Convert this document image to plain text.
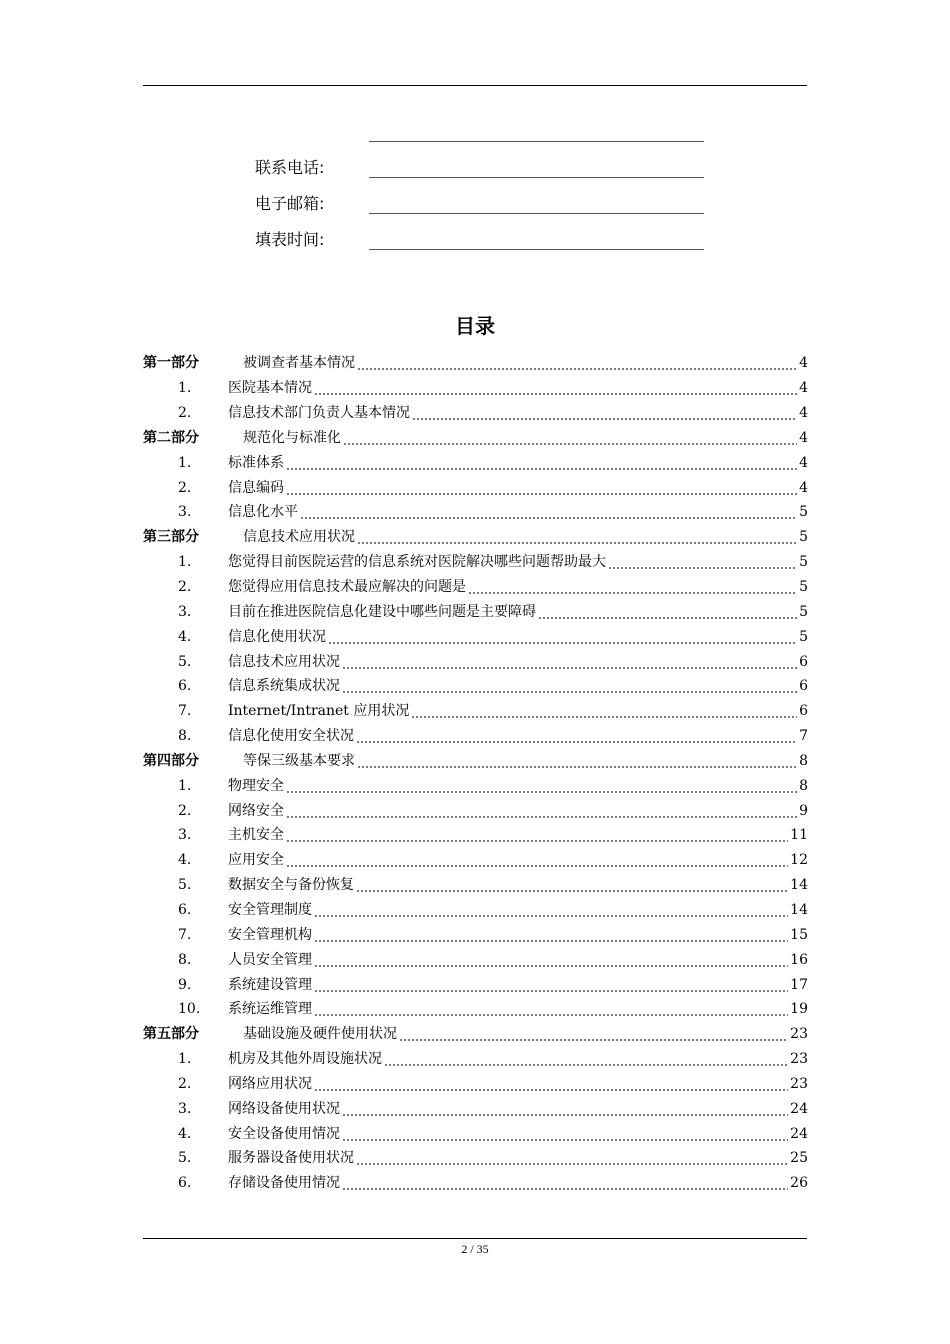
联系电话:
电子邮箱:
填表时间:
目录
第一部分	被调查者基本情况	4
1.	医院基本情况	4
2.	信息技术部门负责人基本情况	4
第二部分	规范化与标准化	4
1.	标准体系	4
2.	信息编码	4
3.	信息化水平	5
第三部分	信息技术应用状况	5
1.	您觉得目前医院运营的信息系统对医院解决哪些问题帮助最大	5
2.	您觉得应用信息技术最应解决的问题是	5
3.	目前在推进医院信息化建设中哪些问题是主要障碍	5
4.	信息化使用状况	5
5.	信息技术应用状况	6
6.	信息系统集成状况	6
7.	Internet/Intranet 应用状况	6
8.	信息化使用安全状况	7
第四部分	等保三级基本要求	8
1.	物理安全	8
2.	网络安全	9
3.	主机安全	11
4.	应用安全	12
5.	数据安全与备份恢复	14
6.	安全管理制度	14
7.	安全管理机构	15
8.	人员安全管理	16
9.	系统建设管理	17
10.	系统运维管理	19
第五部分	基础设施及硬件使用状况	23
1.	机房及其他外周设施状况	23
2.	网络应用状况	23
3.	网络设备使用状况	24
4.	安全设备使用情况	24
5.	服务器设备使用状况	25
6.	存储设备使用情况	26
2 / 35
